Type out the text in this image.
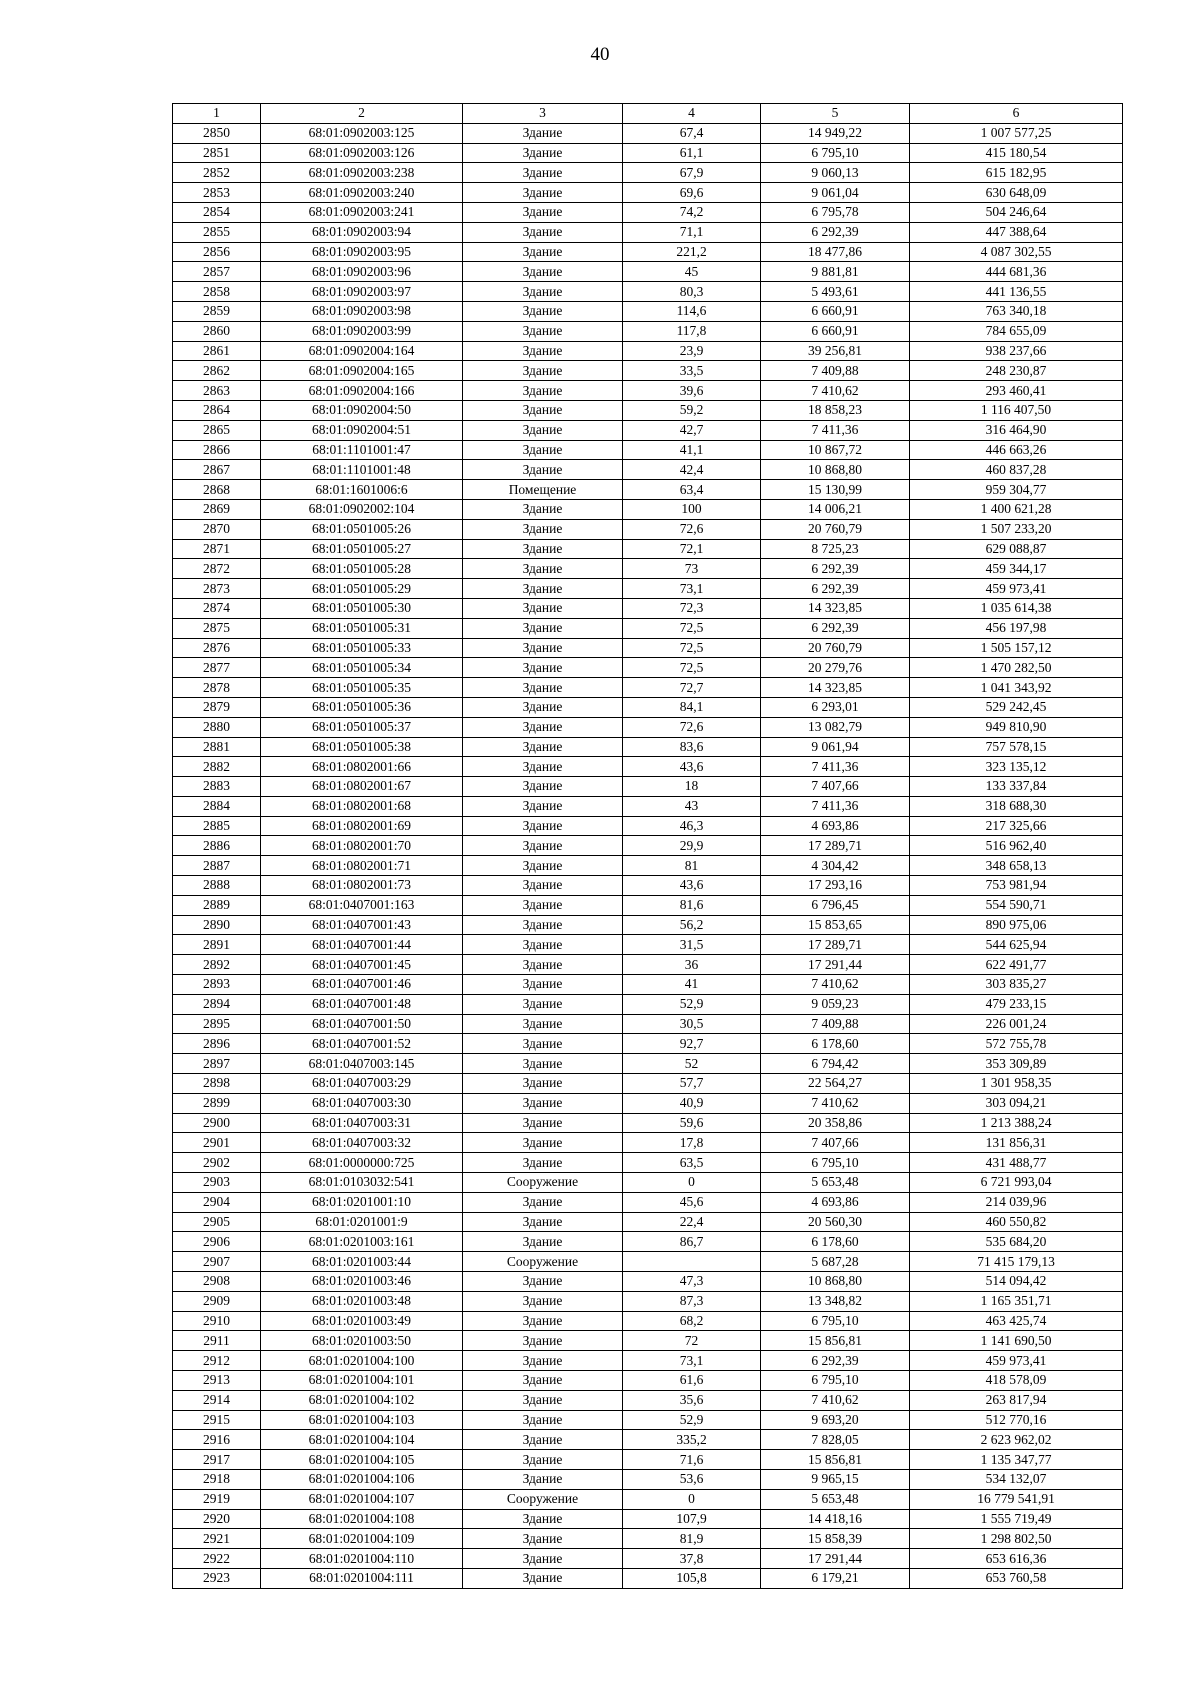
40
1	2	3	4	5	6
2850	68:01:0902003:125	Здание	67,4	14 949,22	1 007 577,25
2851	68:01:0902003:126	Здание	61,1	6 795,10	415 180,54
2852	68:01:0902003:238	Здание	67,9	9 060,13	615 182,95
2853	68:01:0902003:240	Здание	69,6	9 061,04	630 648,09
2854	68:01:0902003:241	Здание	74,2	6 795,78	504 246,64
2855	68:01:0902003:94	Здание	71,1	6 292,39	447 388,64
2856	68:01:0902003:95	Здание	221,2	18 477,86	4 087 302,55
2857	68:01:0902003:96	Здание	45	9 881,81	444 681,36
2858	68:01:0902003:97	Здание	80,3	5 493,61	441 136,55
2859	68:01:0902003:98	Здание	114,6	6 660,91	763 340,18
2860	68:01:0902003:99	Здание	117,8	6 660,91	784 655,09
2861	68:01:0902004:164	Здание	23,9	39 256,81	938 237,66
2862	68:01:0902004:165	Здание	33,5	7 409,88	248 230,87
2863	68:01:0902004:166	Здание	39,6	7 410,62	293 460,41
2864	68:01:0902004:50	Здание	59,2	18 858,23	1 116 407,50
2865	68:01:0902004:51	Здание	42,7	7 411,36	316 464,90
2866	68:01:1101001:47	Здание	41,1	10 867,72	446 663,26
2867	68:01:1101001:48	Здание	42,4	10 868,80	460 837,28
2868	68:01:1601006:6	Помещение	63,4	15 130,99	959 304,77
2869	68:01:0902002:104	Здание	100	14 006,21	1 400 621,28
2870	68:01:0501005:26	Здание	72,6	20 760,79	1 507 233,20
2871	68:01:0501005:27	Здание	72,1	8 725,23	629 088,87
2872	68:01:0501005:28	Здание	73	6 292,39	459 344,17
2873	68:01:0501005:29	Здание	73,1	6 292,39	459 973,41
2874	68:01:0501005:30	Здание	72,3	14 323,85	1 035 614,38
2875	68:01:0501005:31	Здание	72,5	6 292,39	456 197,98
2876	68:01:0501005:33	Здание	72,5	20 760,79	1 505 157,12
2877	68:01:0501005:34	Здание	72,5	20 279,76	1 470 282,50
2878	68:01:0501005:35	Здание	72,7	14 323,85	1 041 343,92
2879	68:01:0501005:36	Здание	84,1	6 293,01	529 242,45
2880	68:01:0501005:37	Здание	72,6	13 082,79	949 810,90
2881	68:01:0501005:38	Здание	83,6	9 061,94	757 578,15
2882	68:01:0802001:66	Здание	43,6	7 411,36	323 135,12
2883	68:01:0802001:67	Здание	18	7 407,66	133 337,84
2884	68:01:0802001:68	Здание	43	7 411,36	318 688,30
2885	68:01:0802001:69	Здание	46,3	4 693,86	217 325,66
2886	68:01:0802001:70	Здание	29,9	17 289,71	516 962,40
2887	68:01:0802001:71	Здание	81	4 304,42	348 658,13
2888	68:01:0802001:73	Здание	43,6	17 293,16	753 981,94
2889	68:01:0407001:163	Здание	81,6	6 796,45	554 590,71
2890	68:01:0407001:43	Здание	56,2	15 853,65	890 975,06
2891	68:01:0407001:44	Здание	31,5	17 289,71	544 625,94
2892	68:01:0407001:45	Здание	36	17 291,44	622 491,77
2893	68:01:0407001:46	Здание	41	7 410,62	303 835,27
2894	68:01:0407001:48	Здание	52,9	9 059,23	479 233,15
2895	68:01:0407001:50	Здание	30,5	7 409,88	226 001,24
2896	68:01:0407001:52	Здание	92,7	6 178,60	572 755,78
2897	68:01:0407003:145	Здание	52	6 794,42	353 309,89
2898	68:01:0407003:29	Здание	57,7	22 564,27	1 301 958,35
2899	68:01:0407003:30	Здание	40,9	7 410,62	303 094,21
2900	68:01:0407003:31	Здание	59,6	20 358,86	1 213 388,24
2901	68:01:0407003:32	Здание	17,8	7 407,66	131 856,31
2902	68:01:0000000:725	Здание	63,5	6 795,10	431 488,77
2903	68:01:0103032:541	Сооружение	0	5 653,48	6 721 993,04
2904	68:01:0201001:10	Здание	45,6	4 693,86	214 039,96
2905	68:01:0201001:9	Здание	22,4	20 560,30	460 550,82
2906	68:01:0201003:161	Здание	86,7	6 178,60	535 684,20
2907	68:01:0201003:44	Сооружение		5 687,28	71 415 179,13
2908	68:01:0201003:46	Здание	47,3	10 868,80	514 094,42
2909	68:01:0201003:48	Здание	87,3	13 348,82	1 165 351,71
2910	68:01:0201003:49	Здание	68,2	6 795,10	463 425,74
2911	68:01:0201003:50	Здание	72	15 856,81	1 141 690,50
2912	68:01:0201004:100	Здание	73,1	6 292,39	459 973,41
2913	68:01:0201004:101	Здание	61,6	6 795,10	418 578,09
2914	68:01:0201004:102	Здание	35,6	7 410,62	263 817,94
2915	68:01:0201004:103	Здание	52,9	9 693,20	512 770,16
2916	68:01:0201004:104	Здание	335,2	7 828,05	2 623 962,02
2917	68:01:0201004:105	Здание	71,6	15 856,81	1 135 347,77
2918	68:01:0201004:106	Здание	53,6	9 965,15	534 132,07
2919	68:01:0201004:107	Сооружение	0	5 653,48	16 779 541,91
2920	68:01:0201004:108	Здание	107,9	14 418,16	1 555 719,49
2921	68:01:0201004:109	Здание	81,9	15 858,39	1 298 802,50
2922	68:01:0201004:110	Здание	37,8	17 291,44	653 616,36
2923	68:01:0201004:111	Здание	105,8	6 179,21	653 760,58
